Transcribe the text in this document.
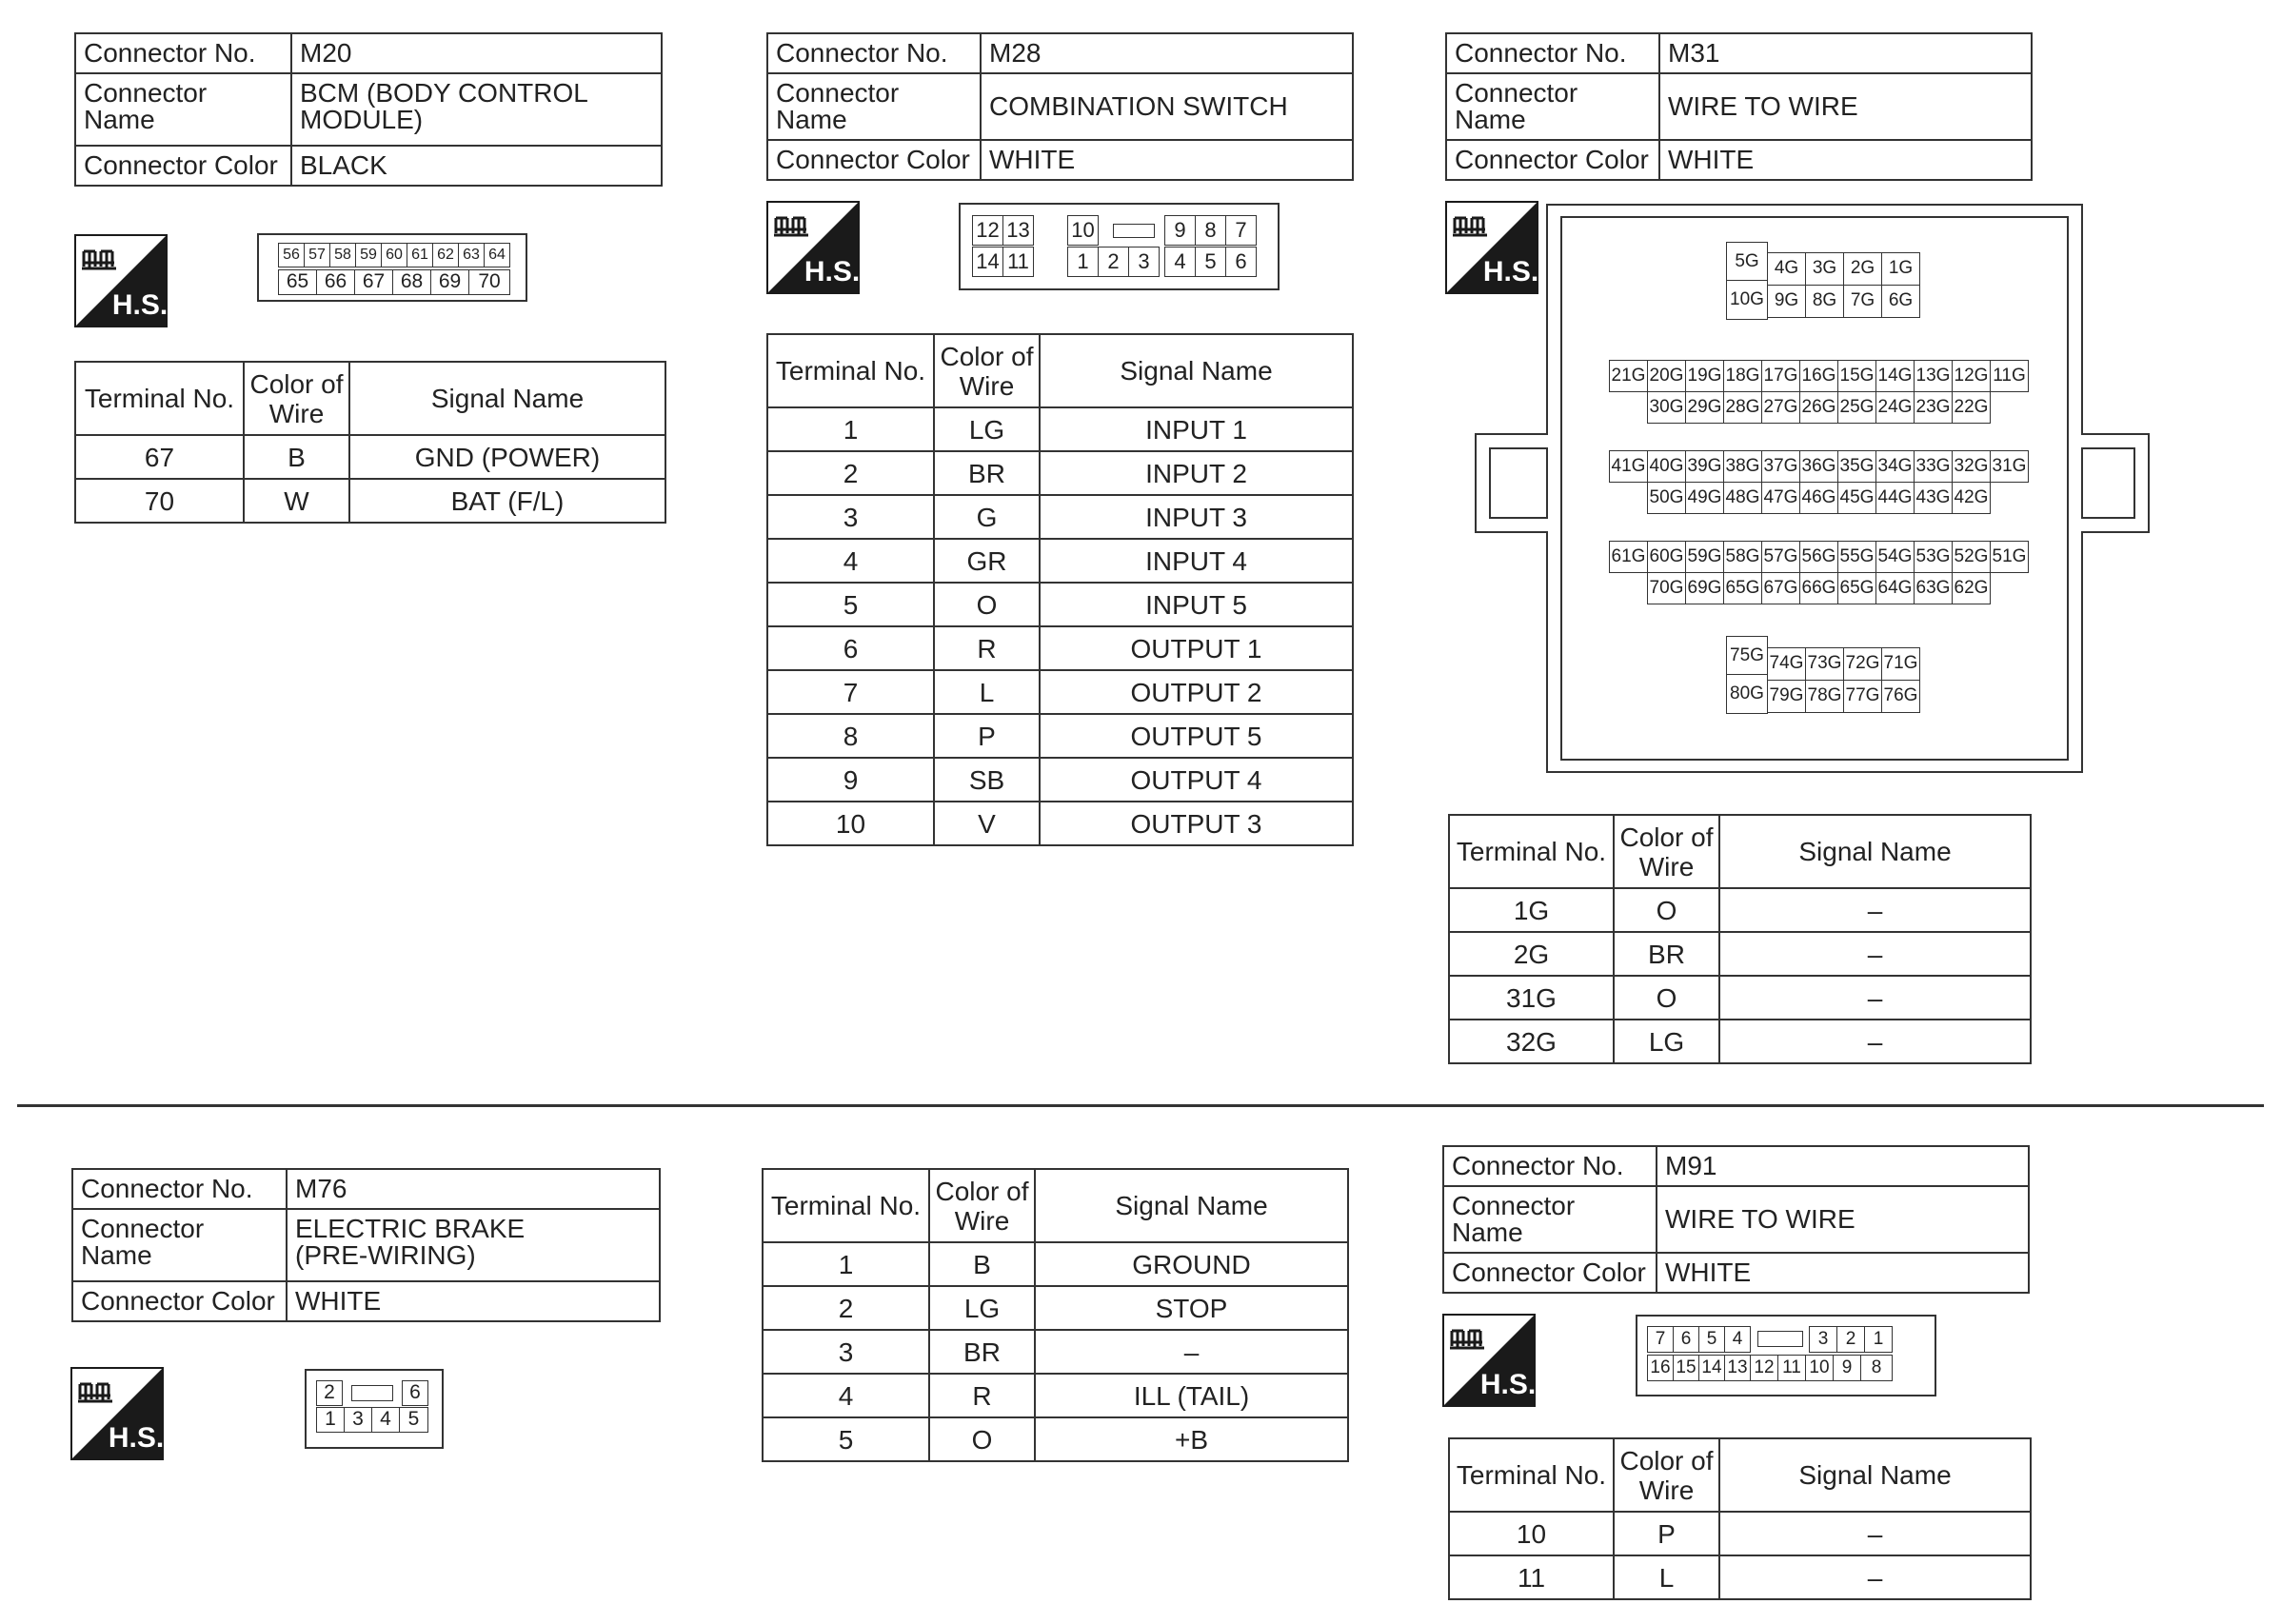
Connector No.	M20
Connector Name	BCM (BODY CONTROL MODULE)
Connector Color	BLACK
H.S.
56 57 58 59 60 61 62 63 64
65 66 67 68 69 70
Terminal No.	Color of Wire	Signal Name
67	B	GND (POWER)
70	W	BAT (F/L)
Connector No.	M28
Connector Name	COMBINATION SWITCH
Connector Color	WHITE
H.S.
12 13 10	9 8 7
14 11	1 2 3	4 5 6
Terminal No.	Color of Wire	Signal Name
1	LG	INPUT 1
2	BR	INPUT 2
3	G	INPUT 3
4	GR	INPUT 4
5	O	INPUT 5
6	R	OUTPUT 1
7	L	OUTPUT 2
8	P	OUTPUT 5
9	SB	OUTPUT 4
10	V	OUTPUT 3
Connector No.	M31
Connector Name	WIRE TO WIRE
Connector Color	WHITE
H.S.	5G
10G
4G 3G 2G 1G
9G 8G 7G 6G
21G 20G 19G 18G 17G 16G 15G 14G 13G 12G 11G
30G 29G 28G 27G 26G 25G 24G 23G 22G
41G 40G 39G 38G 37G 36G 35G 34G 33G 32G 31G
50G 49G 48G 47G 46G 45G 44G 43G 42G
61G 60G 59G 58G 57G 56G 55G 54G 53G 52G 51G
70G 69G 65G 67G 66G 65G 64G 63G 62G
75G
80G
74G 73G 72G 71G
79G 78G 77G 76G
Terminal No.	Color of Wire	Signal Name
1G	O	–
2G	BR	–
31G	O	–
32G	LG	–
Connector No.	M76
Connector Name	ELECTRIC BRAKE (PRE-WIRING)
Connector Color	WHITE
H.S.
2	6
1 3 4 5
Terminal No.	Color of Wire	Signal Name
1	B	GROUND
2	LG	STOP
3	BR	–
4	R	ILL (TAIL)
5	O	+B
Connector No.	M91
Connector Name	WIRE TO WIRE
Connector Color	WHITE
H.S.
7 6 5 4	3 2 1
16 15 14 13 12 11 10 9	8
Terminal No.	Color of Wire	Signal Name
10	P	–
11	L	–
